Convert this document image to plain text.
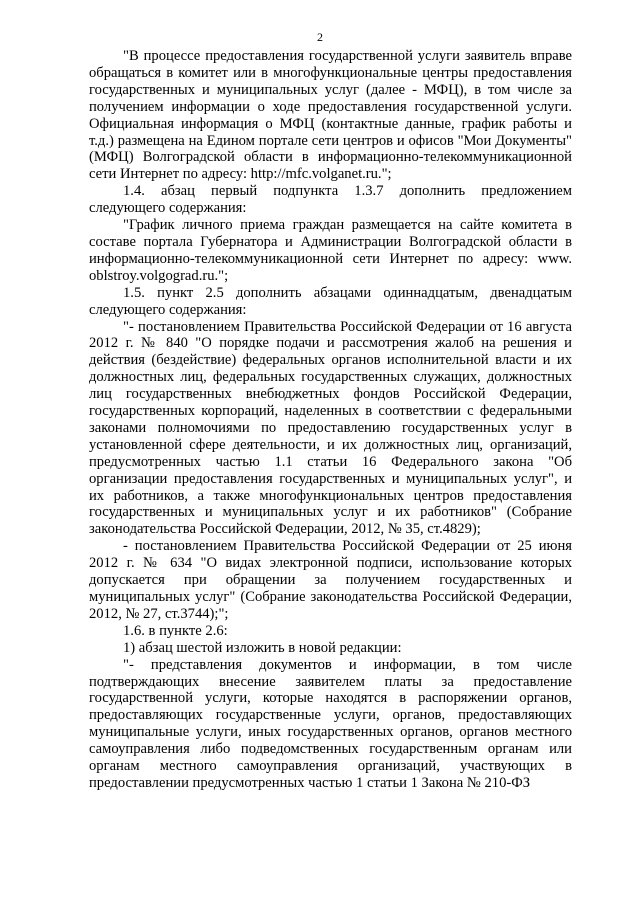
2

"В процессе предоставления государственной услуги заявитель вправе обращаться в комитет или в многофункциональные центры предоставления государственных и муниципальных услуг (далее - МФЦ), в том числе за получением информации о ходе предоставления государственной услуги. Официальная информация о МФЦ (контактные данные, график работы и т.д.) размещена на Едином портале сети центров и офисов "Мои Документы" (МФЦ) Волгоградской области в информационно-телекоммуникационной сети Интернет по адресу: http://mfc.volganet.ru.";

1.4. абзац первый подпункта 1.3.7 дополнить предложением следующего содержания:

"График личного приема граждан размещается на сайте комитета в составе портала Губернатора и Администрации Волгоградской области в информационно-телекоммуникационной сети Интернет по адресу: www. oblstroy.volgograd.ru.";

1.5. пункт 2.5 дополнить абзацами одиннадцатым, двенадцатым следующего содержания:

"- постановлением Правительства Российской Федерации от 16 августа 2012 г. № 840 "О порядке подачи и рассмотрения жалоб на решения и действия (бездействие) федеральных органов исполнительной власти и их должностных лиц, федеральных государственных служащих, должностных лиц государственных внебюджетных фондов Российской Федерации, государственных корпораций, наделенных в соответствии с федеральными законами полномочиями по предоставлению государственных услуг в установленной сфере деятельности, и их должностных лиц, организаций, предусмотренных частью 1.1 статьи 16 Федерального закона "Об организации предоставления государственных и муниципальных услуг", и их работников, а также многофункциональных центров предоставления государственных и муниципальных услуг и их работников" (Собрание законодательства Российской Федерации, 2012, № 35, ст.4829);

- постановлением Правительства Российской Федерации от 25 июня 2012 г. № 634 "О видах электронной подписи, использование которых допускается при обращении за получением государственных и муниципальных услуг" (Собрание законодательства Российской Федерации, 2012, № 27, ст.3744);";

1.6. в пункте 2.6:

1) абзац шестой изложить в новой редакции:

"- представления документов и информации, в том числе подтверждающих внесение заявителем платы за предоставление государственной услуги, которые находятся в распоряжении органов, предоставляющих государственные услуги, органов, предоставляющих муниципальные услуги, иных государственных органов, органов местного самоуправления либо подведомственных государственным органам или органам местного самоуправления организаций, участвующих в предоставлении предусмотренных частью 1 статьи 1 Закона № 210-ФЗ
